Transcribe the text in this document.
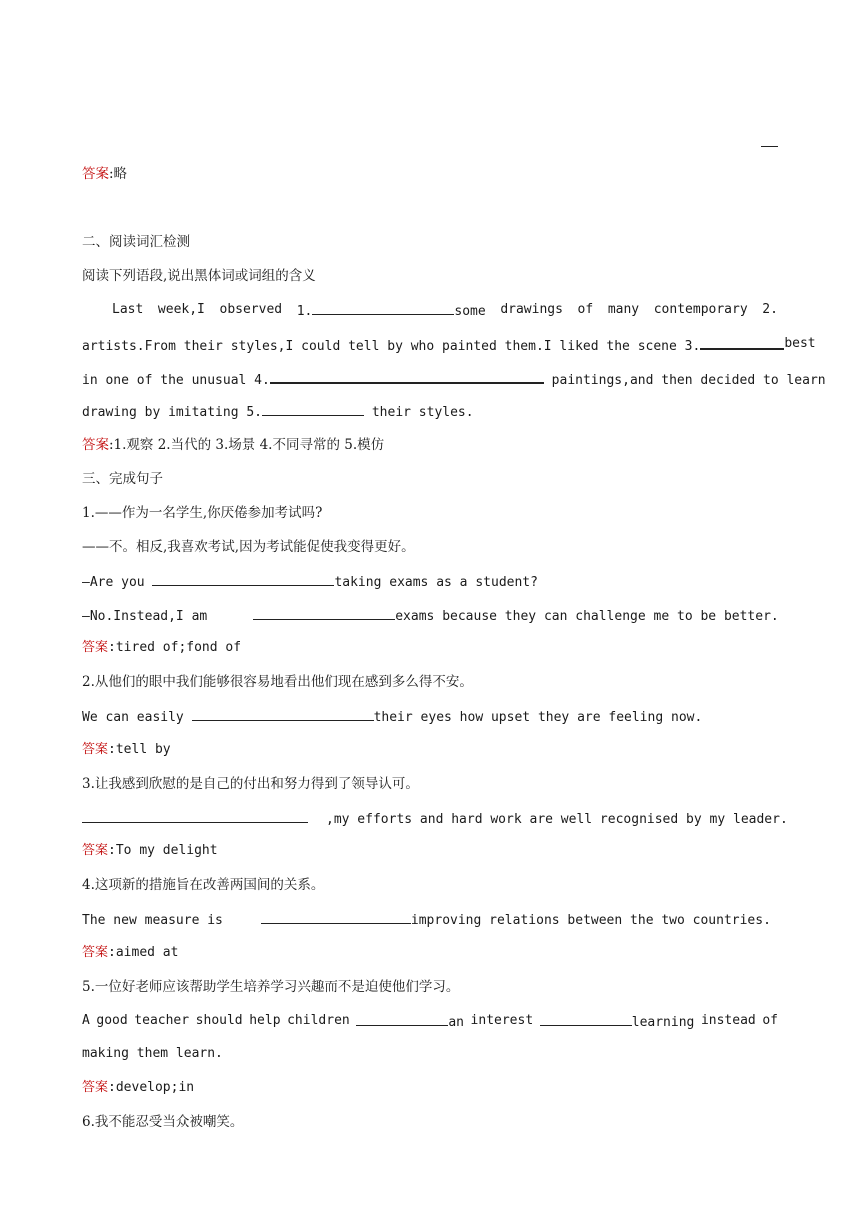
答案:略
二、阅读词汇检测
阅读下列语段,说出黑体词或词组的含义
Last week,I observed 1.	some drawings of many contemporary 2.
artists.From their styles,I could tell by who painted them.I liked the scene 3.	best
in one of the unusual 4.	paintings,and then decided to learn
drawing by imitating 5.	their styles.
答案:1.观察 2.当代的 3.场景 4.不同寻常的 5.模仿
三、完成句子
1.——作为一名学生,你厌倦参加考试吗?
——不。相反,我喜欢考试,因为考试能促使我变得更好。
—Are you	taking exams as a student?
—No.Instead,I am	exams because they can challenge me to be better.
答案:tired of;fond of
2.从他们的眼中我们能够很容易地看出他们现在感到多么得不安。
We can easily	their eyes how upset they are feeling now.
答案:tell by
3.让我感到欣慰的是自己的付出和努力得到了领导认可。
,my efforts and hard work are well recognised by my leader.
答案:To my delight
4.这项新的措施旨在改善两国间的关系。
The new measure is	improving relations between the two countries.
答案:aimed at
5.一位好老师应该帮助学生培养学习兴趣而不是迫使他们学习。
A good teacher should help children	an interest	learning instead of
making them learn.
答案:develop;in
6.我不能忍受当众被嘲笑。
